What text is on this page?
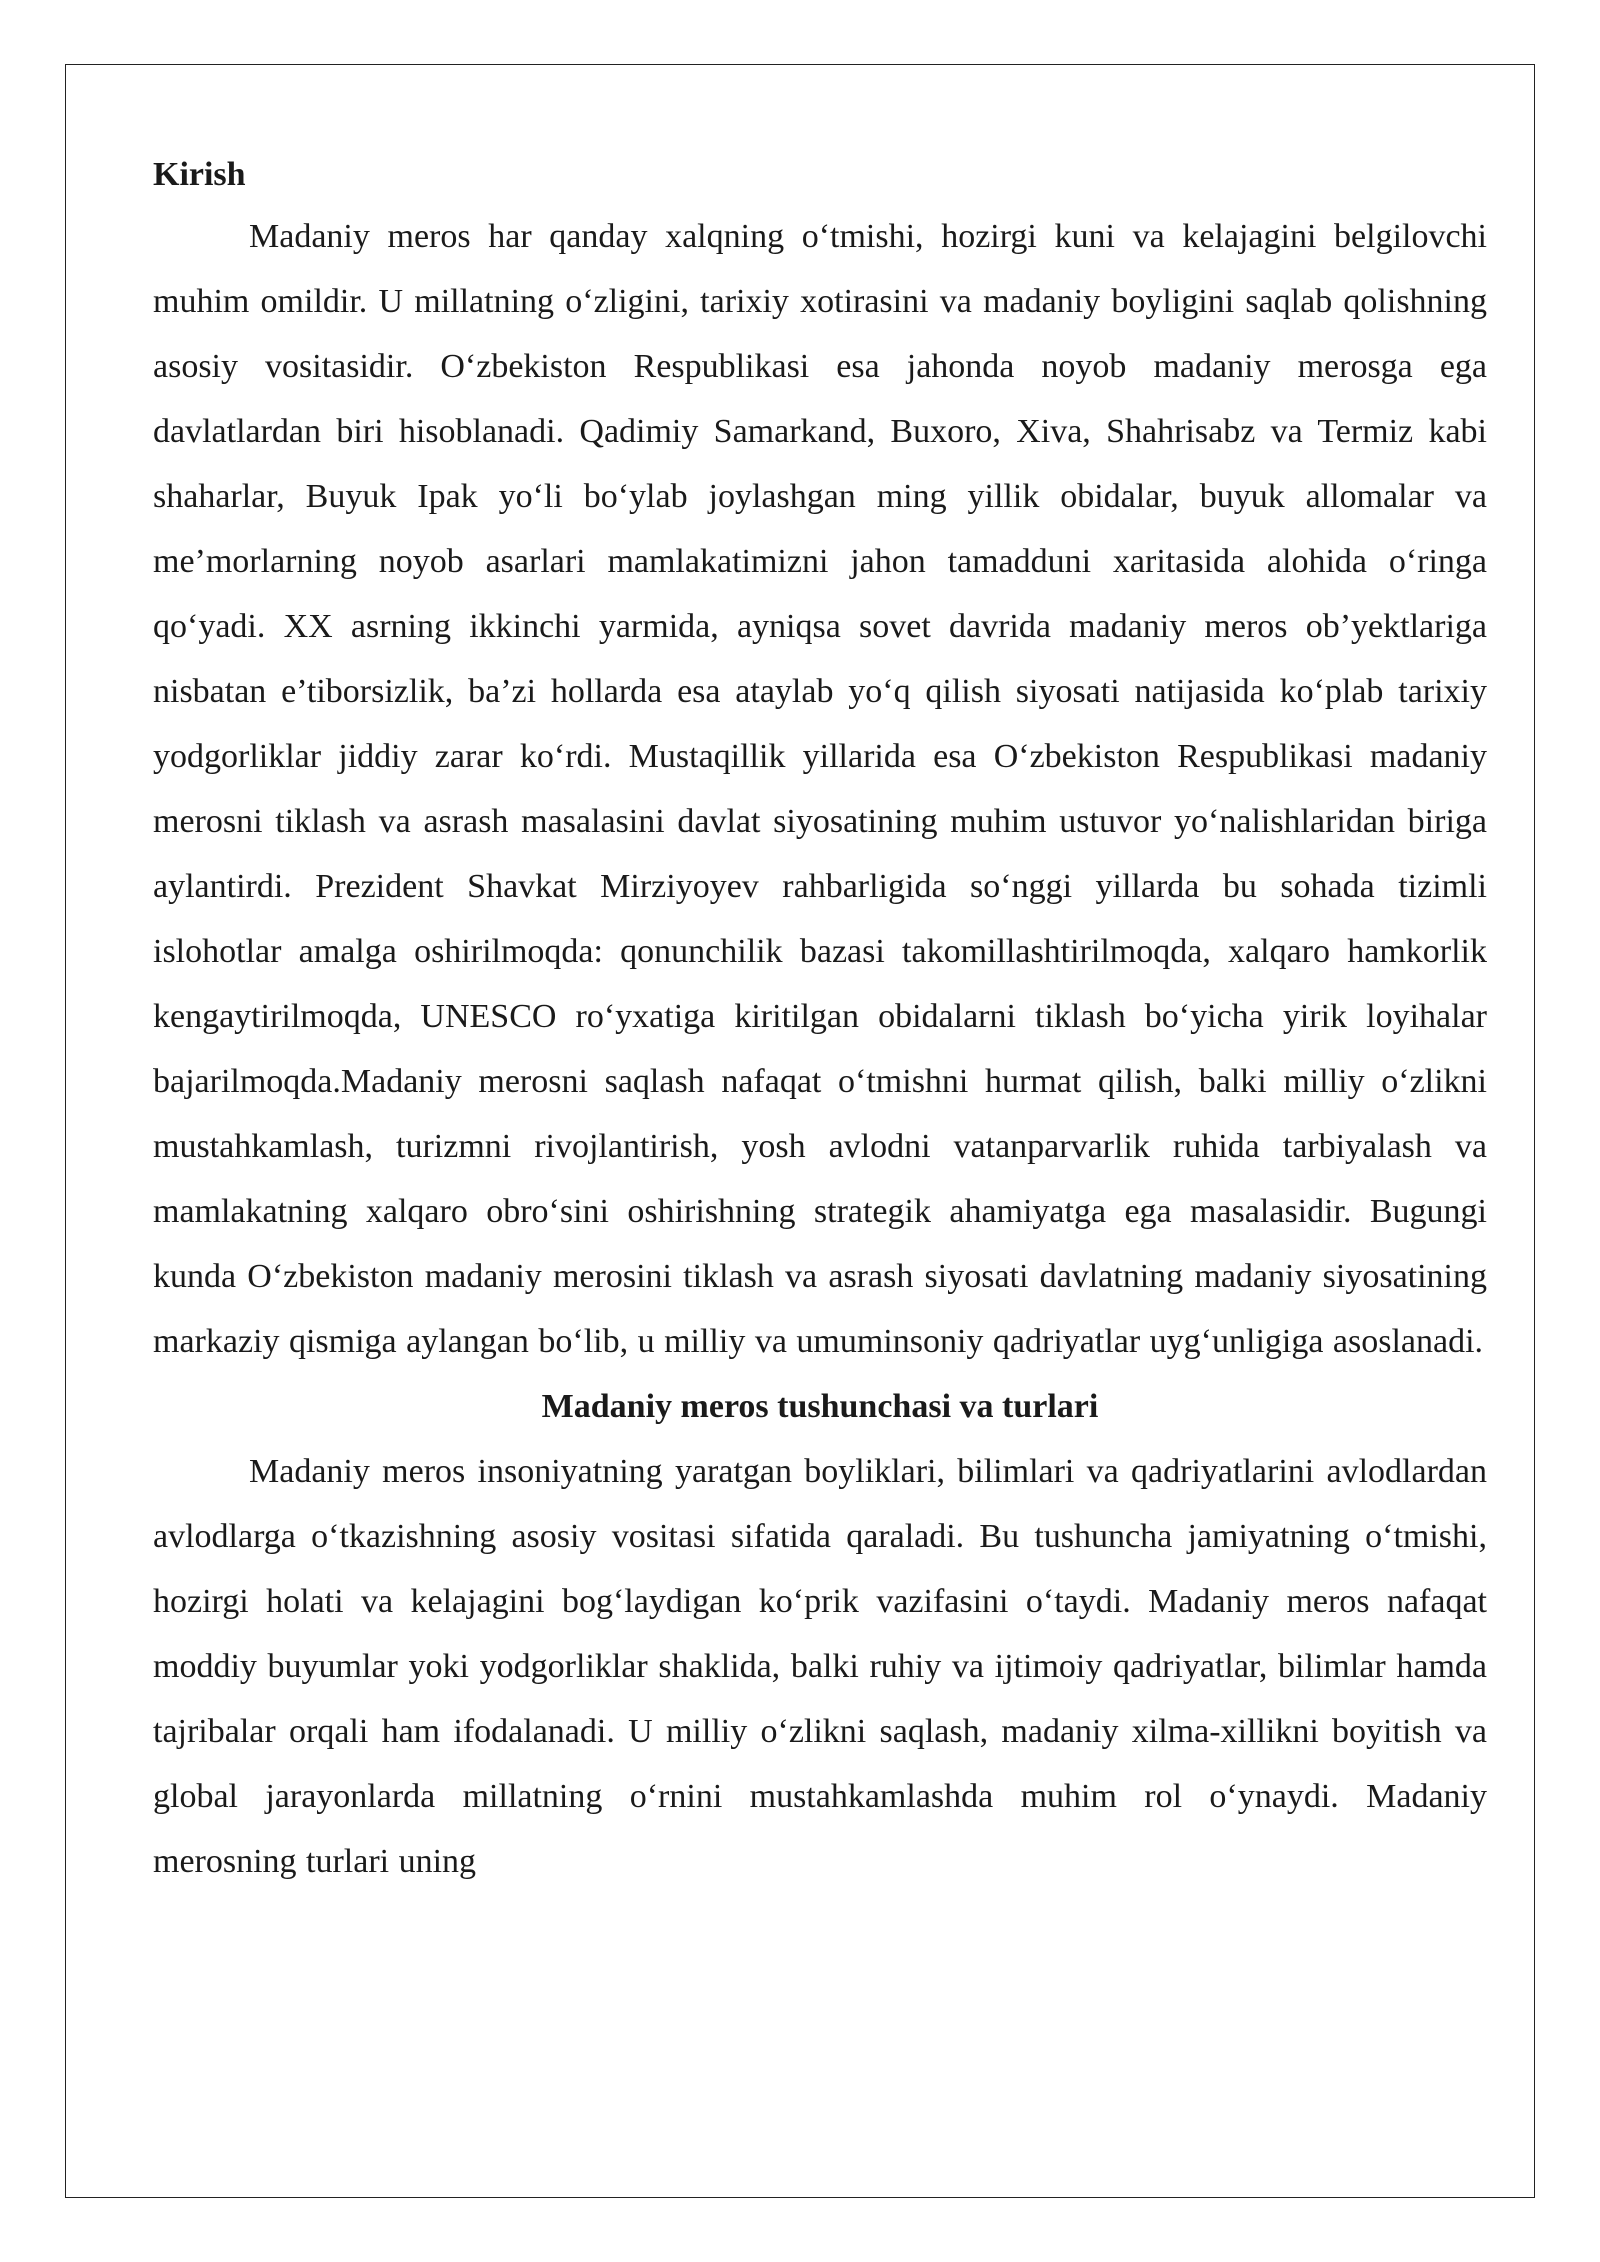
Kirish

Madaniy meros har qanday xalqning o‘tmishi, hozirgi kuni va kelajagini belgilovchi muhim omildir. U millatning o‘zligini, tarixiy xotirasini va madaniy boyligini saqlab qolishning asosiy vositasidir. O‘zbekiston Respublikasi esa jahonda noyob madaniy merosga ega davlatlardan biri hisoblanadi. Qadimiy Samarkand, Buxoro, Xiva, Shahrisabz va Termiz kabi shaharlar, Buyuk Ipak yo‘li bo‘ylab joylashgan ming yillik obidalar, buyuk allomalar va me’morlarning noyob asarlari mamlakatimizni jahon tamadduni xaritasida alohida o‘ringa qo‘yadi. XX asrning ikkinchi yarmida, ayniqsa sovet davrida madaniy meros ob’yektlariga nisbatan e’tiborsizlik, ba’zi hollarda esa ataylab yo‘q qilish siyosati natijasida ko‘plab tarixiy yodgorliklar jiddiy zarar ko‘rdi. Mustaqillik yillarida esa O‘zbekiston Respublikasi madaniy merosni tiklash va asrash masalasini davlat siyosatining muhim ustuvor yo‘nalishlaridan biriga aylantirdi. Prezident Shavkat Mirziyoyev rahbarligida so‘nggi yillarda bu sohada tizimli islohotlar amalga oshirilmoqda: qonunchilik bazasi takomillashtirilmoqda, xalqaro hamkorlik kengaytirilmoqda, UNESCO ro‘yxatiga kiritilgan obidalarni tiklash bo‘yicha yirik loyihalar bajarilmoqda.Madaniy merosni saqlash nafaqat o‘tmishni hurmat qilish, balki milliy o‘zlikni mustahkamlash, turizmni rivojlantirish, yosh avlodni vatanparvarlik ruhida tarbiyalash va mamlakatning xalqaro obro‘sini oshirishning strategik ahamiyatga ega masalasidir. Bugungi kunda O‘zbekiston madaniy merosini tiklash va asrash siyosati davlatning madaniy siyosatining markaziy qismiga aylangan bo‘lib, u milliy va umuminsoniy qadriyatlar uyg‘unligiga asoslanadi.

Madaniy meros tushunchasi va turlari

Madaniy meros insoniyatning yaratgan boyliklari, bilimlari va qadriyatlarini avlodlardan avlodlarga o‘tkazishning asosiy vositasi sifatida qaraladi. Bu tushuncha jamiyatning o‘tmishi, hozirgi holati va kelajagini bog‘laydigan ko‘prik vazifasini o‘taydi. Madaniy meros nafaqat moddiy buyumlar yoki yodgorliklar shaklida, balki ruhiy va ijtimoiy qadriyatlar, bilimlar hamda tajribalar orqali ham ifodalanadi. U milliy o‘zlikni saqlash, madaniy xilma-xillikni boyitish va global jarayonlarda millatning o‘rnini mustahkamlashda muhim rol o‘ynaydi. Madaniy merosning turlari uning
